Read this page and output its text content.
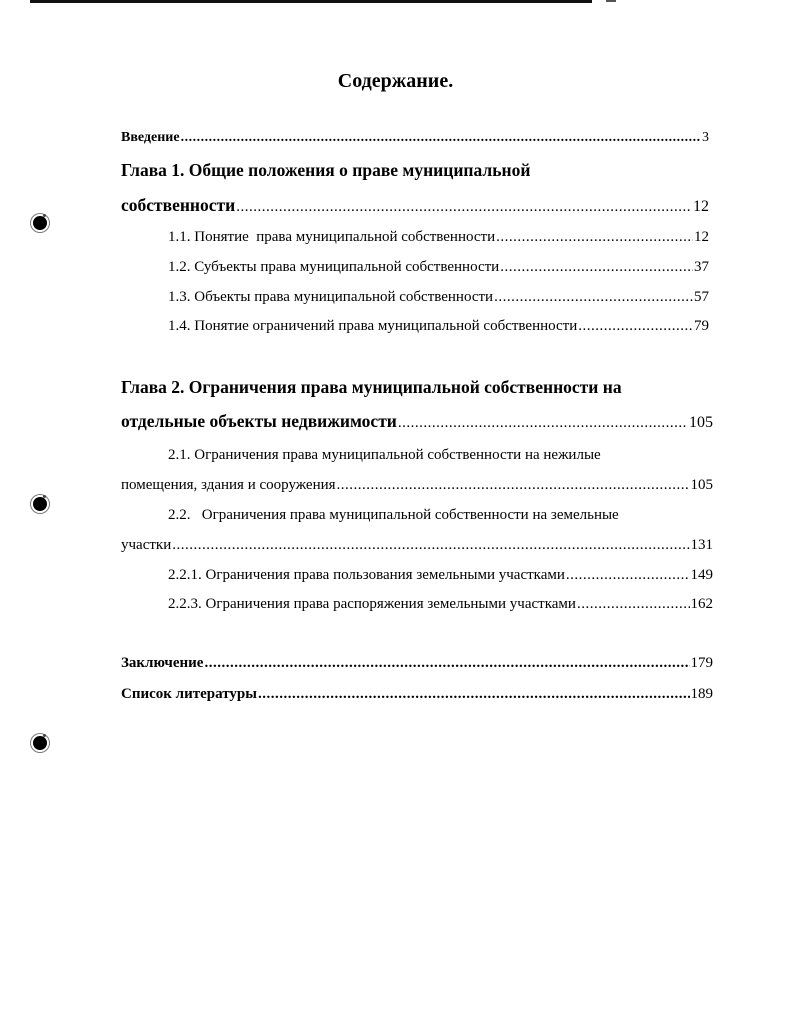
Содержание.
Введение .....	3
Глава 1. Общие положения о праве муниципальной
собственности .....	12
1.1. Понятие  права муниципальной собственности .....	12
1.2. Субъекты права муниципальной собственности .....	37
1.3. Объекты права муниципальной собственности .....	57
1.4. Понятие ограничений права муниципальной собственности .....	79
Глава 2. Ограничения права муниципальной собственности на
отдельные объекты недвижимости .....	105
2.1. Ограничения права муниципальной собственности на нежилые
помещения, здания и сооружения .....	105
2.2.   Ограничения права муниципальной собственности на земельные
участки .....	131
2.2.1. Ограничения права пользования земельными участками .....	149
2.2.3. Ограничения права распоряжения земельными участками .....	162
Заключение .....	179
Список литературы .....	189
